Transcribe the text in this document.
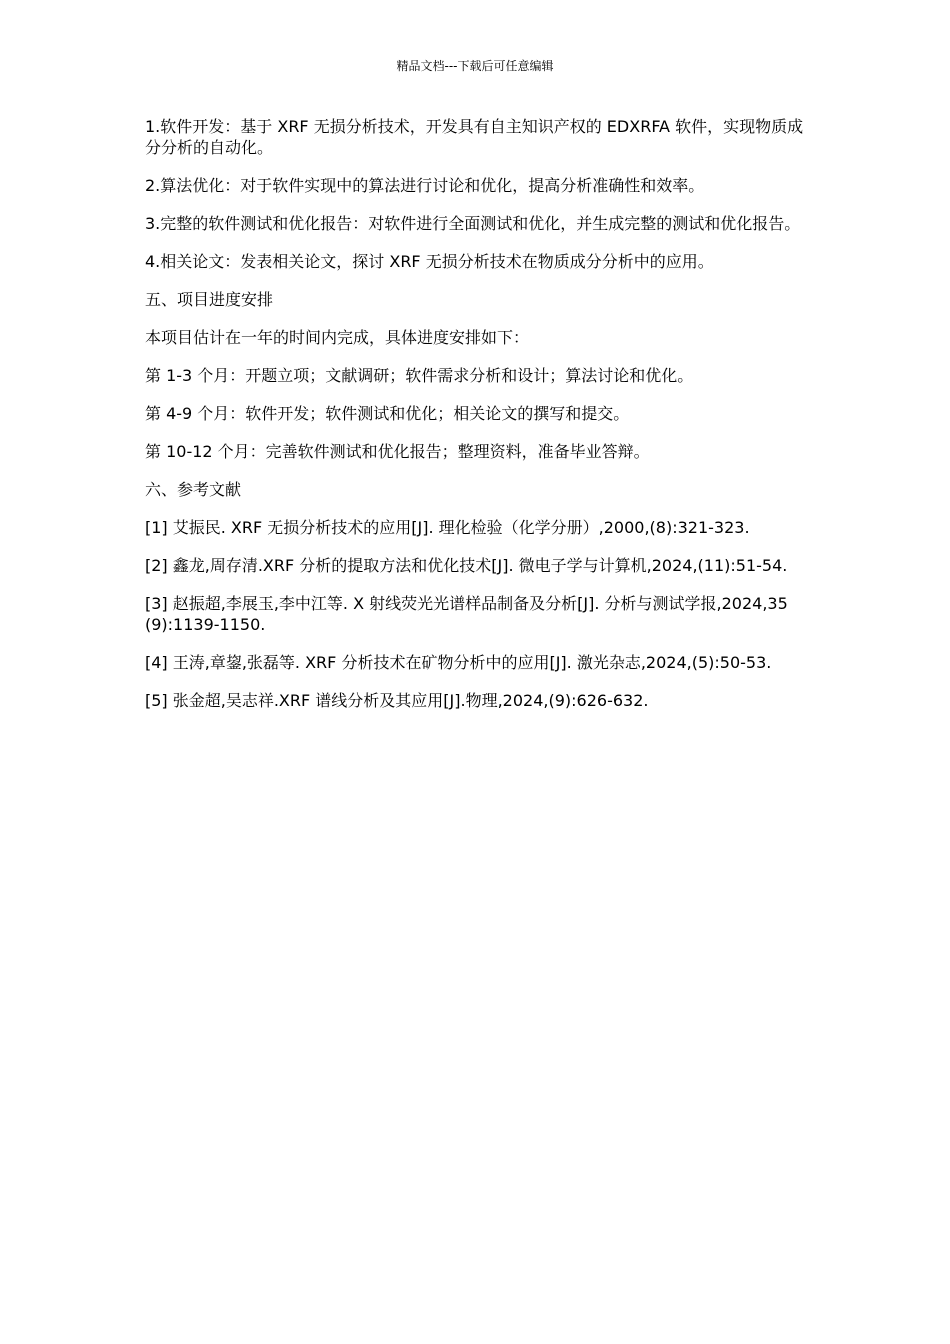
精品文档---下载后可任意编辑

1.软件开发：基于 XRF 无损分析技术，开发具有自主知识产权的 EDXRFA 软件，实现物质成分分析的自动化。

2.算法优化：对于软件实现中的算法进行讨论和优化，提高分析准确性和效率。

3.完整的软件测试和优化报告：对软件进行全面测试和优化，并生成完整的测试和优化报告。

4.相关论文：发表相关论文，探讨 XRF 无损分析技术在物质成分分析中的应用。

五、项目进度安排

本项目估计在一年的时间内完成，具体进度安排如下：

第 1-3 个月：开题立项；文献调研；软件需求分析和设计；算法讨论和优化。

第 4-9 个月：软件开发；软件测试和优化；相关论文的撰写和提交。

第 10-12 个月：完善软件测试和优化报告；整理资料，准备毕业答辩。

六、参考文献

[1] 艾振民. XRF 无损分析技术的应用[J]. 理化检验（化学分册）,2000,(8):321-323.

[2] 鑫龙,周存清.XRF 分析的提取方法和优化技术[J]. 微电子学与计算机,2024,(11):51-54.

[3] 赵振超,李展玉,李中江等. X 射线荧光光谱样品制备及分析[J]. 分析与测试学报,2024,35(9):1139-1150.

[4] 王涛,章鋆,张磊等. XRF 分析技术在矿物分析中的应用[J]. 激光杂志,2024,(5):50-53.

[5] 张金超,吴志祥.XRF 谱线分析及其应用[J].物理,2024,(9):626-632.
